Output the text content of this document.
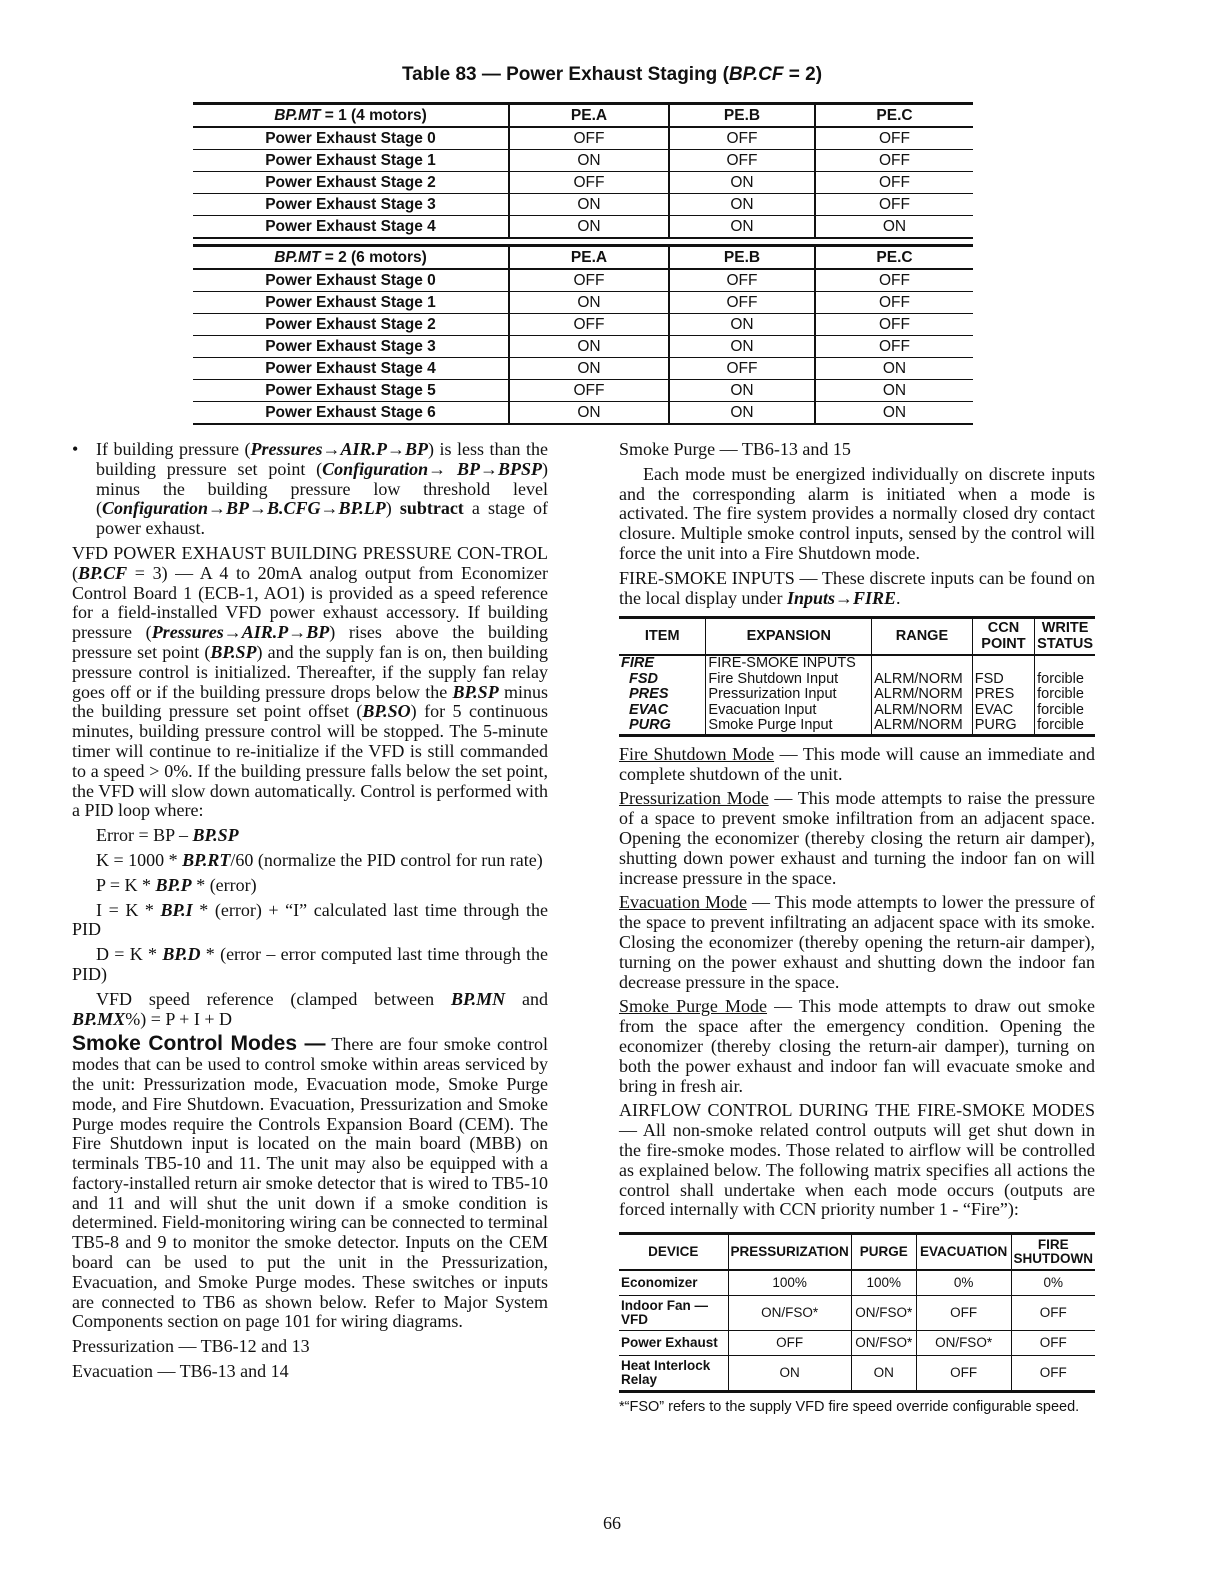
Table 83 — Power Exhaust Staging (BP.CF = 2)
BP.MT = 1 (4 motors)	PE.A	PE.B	PE.C
Power Exhaust Stage 0	OFF	OFF	OFF
Power Exhaust Stage 1	ON	OFF	OFF
Power Exhaust Stage 2	OFF	ON	OFF
Power Exhaust Stage 3	ON	ON	OFF
Power Exhaust Stage 4	ON	ON	ON
BP.MT = 2 (6 motors)	PE.A	PE.B	PE.C
Power Exhaust Stage 0	OFF	OFF	OFF
Power Exhaust Stage 1	ON	OFF	OFF
Power Exhaust Stage 2	OFF	ON	OFF
Power Exhaust Stage 3	ON	ON	OFF
Power Exhaust Stage 4	ON	OFF	ON
Power Exhaust Stage 5	OFF	ON	ON
Power Exhaust Stage 6	ON	ON	ON

• If building pressure (Pressures→AIR.P→BP) is less than the building pressure set point (Configuration→ BP→BPSP) minus the building pressure low threshold level (Configuration→BP→B.CFG→BP.LP) subtract a stage of power exhaust.

VFD POWER EXHAUST BUILDING PRESSURE CON-TROL (BP.CF = 3) — A 4 to 20mA analog output from Economizer Control Board 1 (ECB-1, AO1) is provided as a speed reference for a field-installed VFD power exhaust accessory. If building pressure (Pressures→AIR.P→BP) rises above the building pressure set point (BP.SP) and the supply fan is on, then building pressure control is initialized. Thereafter, if the supply fan relay goes off or if the building pressure drops below the BP.SP minus the building pressure set point offset (BP.SO) for 5 continuous minutes, building pressure control will be stopped. The 5-minute timer will continue to re-initialize if the VFD is still commanded to a speed > 0%. If the building pressure falls below the set point, the VFD will slow down automatically. Control is performed with a PID loop where:

Error = BP – BP.SP

K = 1000 * BP.RT/60 (normalize the PID control for run rate)

P = K * BP.P * (error)

I = K * BP.I * (error) + “I” calculated last time through the PID

D = K * BP.D * (error – error computed last time through the PID)

VFD speed reference (clamped between BP.MN and BP.MX%) = P + I + D

Smoke Control Modes — There are four smoke control modes that can be used to control smoke within areas serviced by the unit: Pressurization mode, Evacuation mode, Smoke Purge mode, and Fire Shutdown. Evacuation, Pressurization and Smoke Purge modes require the Controls Expansion Board (CEM). The Fire Shutdown input is located on the main board (MBB) on terminals TB5-10 and 11. The unit may also be equipped with a factory-installed return air smoke detector that is wired to TB5-10 and 11 and will shut the unit down if a smoke condition is determined. Field-monitoring wiring can be connected to terminal TB5-8 and 9 to monitor the smoke detector. Inputs on the CEM board can be used to put the unit in the Pressurization, Evacuation, and Smoke Purge modes. These switches or inputs are connected to TB6 as shown below. Refer to Major System Components section on page 101 for wiring diagrams.

Pressurization — TB6-12 and 13

Evacuation — TB6-13 and 14

Smoke Purge — TB6-13 and 15

Each mode must be energized individually on discrete inputs and the corresponding alarm is initiated when a mode is activated. The fire system provides a normally closed dry contact closure. Multiple smoke control inputs, sensed by the control will force the unit into a Fire Shutdown mode.

FIRE-SMOKE INPUTS — These discrete inputs can be found on the local display under Inputs→FIRE.

ITEM	EXPANSION	RANGE	CCN POINT	WRITE STATUS
FIRE	FIRE-SMOKE INPUTS			
FSD	Fire Shutdown Input	ALRM/NORM	FSD	forcible
PRES	Pressurization Input	ALRM/NORM	PRES	forcible
EVAC	Evacuation Input	ALRM/NORM	EVAC	forcible
PURG	Smoke Purge Input	ALRM/NORM	PURG	forcible

Fire Shutdown Mode — This mode will cause an immediate and complete shutdown of the unit.

Pressurization Mode — This mode attempts to raise the pressure of a space to prevent smoke infiltration from an adjacent space. Opening the economizer (thereby closing the return air damper), shutting down power exhaust and turning the indoor fan on will increase pressure in the space.

Evacuation Mode — This mode attempts to lower the pressure of the space to prevent infiltrating an adjacent space with its smoke. Closing the economizer (thereby opening the return-air damper), turning on the power exhaust and shutting down the indoor fan decrease pressure in the space.

Smoke Purge Mode — This mode attempts to draw out smoke from the space after the emergency condition. Opening the economizer (thereby closing the return-air damper), turning on both the power exhaust and indoor fan will evacuate smoke and bring in fresh air.

AIRFLOW CONTROL DURING THE FIRE-SMOKE MODES — All non-smoke related control outputs will get shut down in the fire-smoke modes. Those related to airflow will be controlled as explained below. The following matrix specifies all actions the control shall undertake when each mode occurs (outputs are forced internally with CCN priority number 1 - “Fire”):

DEVICE	PRESSURIZATION	PURGE	EVACUATION	FIRE SHUTDOWN
Economizer	100%	100%	0%	0%
Indoor Fan — VFD	ON/FSO*	ON/FSO*	OFF	OFF
Power Exhaust	OFF	ON/FSO*	ON/FSO*	OFF
Heat Interlock Relay	ON	ON	OFF	OFF

*“FSO” refers to the supply VFD fire speed override configurable speed.

66
